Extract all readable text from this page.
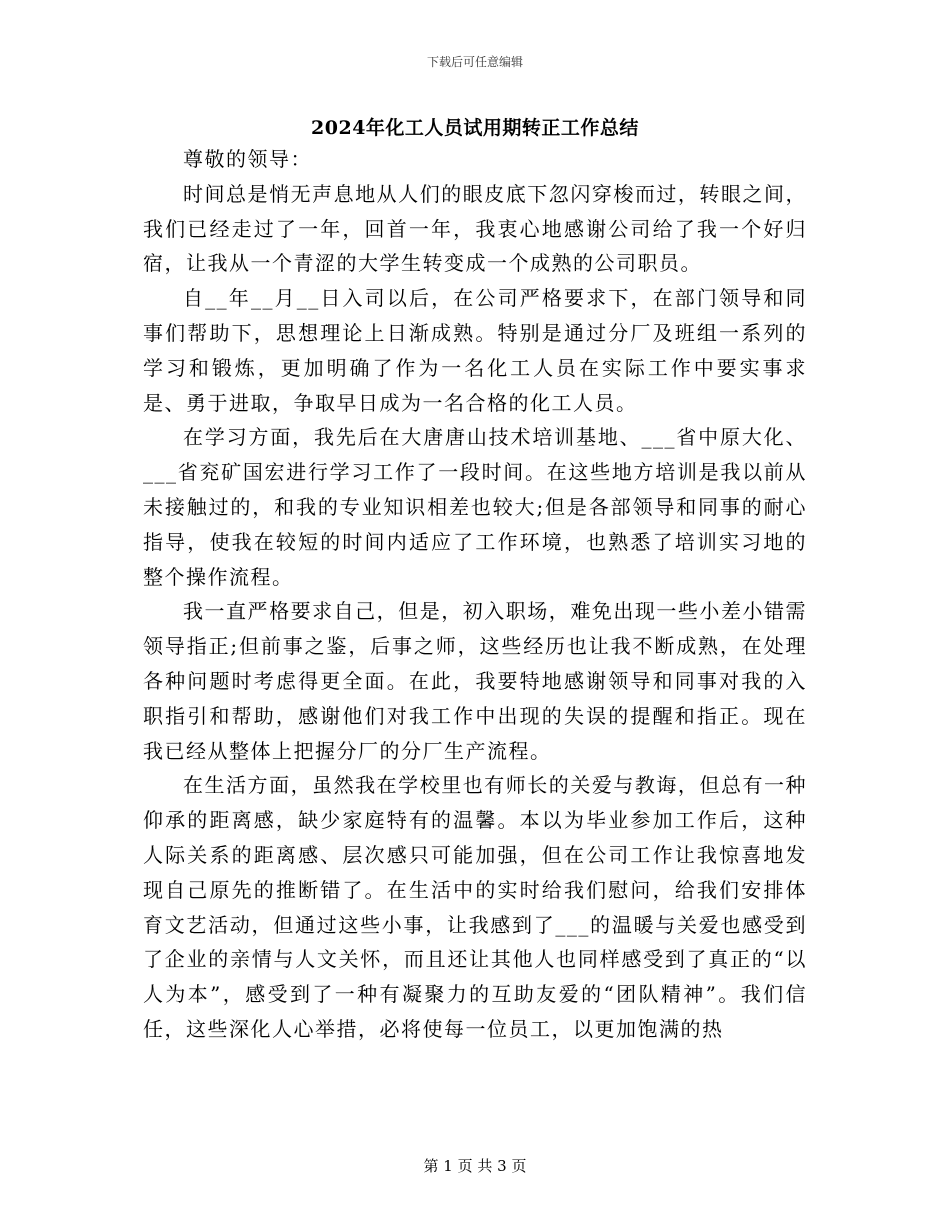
下载后可任意编辑
2024年化工人员试用期转正工作总结

尊敬的领导：

时间总是悄无声息地从人们的眼皮底下忽闪穿梭而过，转眼之间，我们已经走过了一年，回首一年，我衷心地感谢公司给了我一个好归宿，让我从一个青涩的大学生转变成一个成熟的公司职员。

自__年__月__日入司以后，在公司严格要求下，在部门领导和同事们帮助下，思想理论上日渐成熟。特别是通过分厂及班组一系列的学习和锻炼，更加明确了作为一名化工人员在实际工作中要实事求是、勇于进取，争取早日成为一名合格的化工人员。

在学习方面，我先后在大唐唐山技术培训基地、___省中原大化、___省兖矿国宏进行学习工作了一段时间。在这些地方培训是我以前从未接触过的，和我的专业知识相差也较大;但是各部领导和同事的耐心指导，使我在较短的时间内适应了工作环境，也熟悉了培训实习地的整个操作流程。

我一直严格要求自己，但是，初入职场，难免出现一些小差小错需领导指正;但前事之鉴，后事之师，这些经历也让我不断成熟，在处理各种问题时考虑得更全面。在此，我要特地感谢领导和同事对我的入职指引和帮助，感谢他们对我工作中出现的失误的提醒和指正。现在我已经从整体上把握分厂的分厂生产流程。

在生活方面，虽然我在学校里也有师长的关爱与教诲，但总有一种仰承的距离感，缺少家庭特有的温馨。本以为毕业参加工作后，这种人际关系的距离感、层次感只可能加强，但在公司工作让我惊喜地发现自己原先的推断错了。在生活中的实时给我们慰问，给我们安排体育文艺活动，但通过这些小事，让我感到了___的温暖与关爱也感受到了企业的亲情与人文关怀，而且还让其他人也同样感受到了真正的“以人为本”，感受到了一种有凝聚力的互助友爱的“团队精神”。我们信任，这些深化人心举措，必将使每一位员工，以更加饱满的热

第 1 页 共 3 页
